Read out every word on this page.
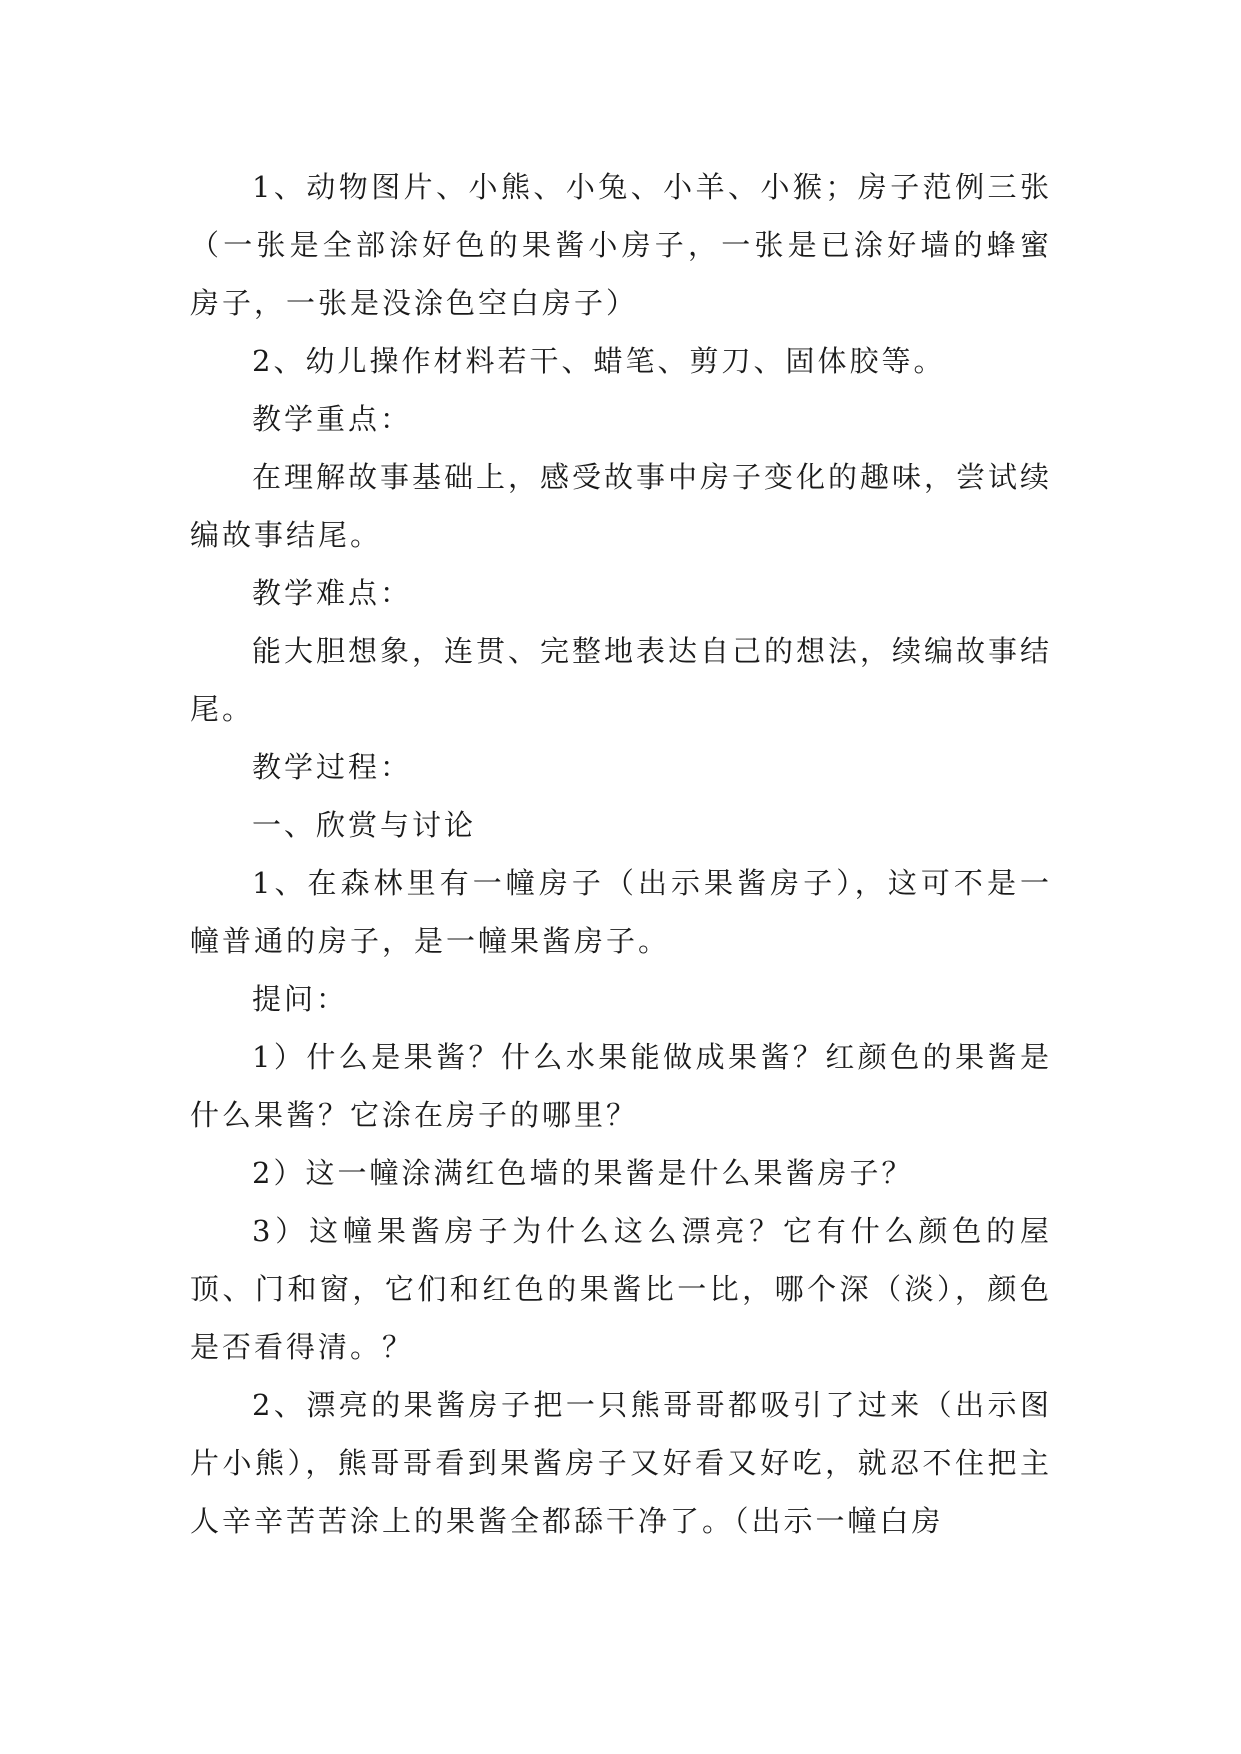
1、动物图片、小熊、小兔、小羊、小猴；房子范例三张（一张是全部涂好色的果酱小房子，一张是已涂好墙的蜂蜜房子，一张是没涂色空白房子）

2、幼儿操作材料若干、蜡笔、剪刀、固体胶等。

教学重点：

在理解故事基础上，感受故事中房子变化的趣味，尝试续编故事结尾。

教学难点：

能大胆想象，连贯、完整地表达自己的想法，续编故事结尾。

教学过程：

一、欣赏与讨论

1、在森林里有一幢房子（出示果酱房子），这可不是一幢普通的房子，是一幢果酱房子。

提问：

1）什么是果酱？什么水果能做成果酱？红颜色的果酱是什么果酱？它涂在房子的哪里？

2）这一幢涂满红色墙的果酱是什么果酱房子？

3）这幢果酱房子为什么这么漂亮？它有什么颜色的屋顶、门和窗，它们和红色的果酱比一比，哪个深（淡），颜色是否看得清。？

2、漂亮的果酱房子把一只熊哥哥都吸引了过来（出示图片小熊），熊哥哥看到果酱房子又好看又好吃，就忍不住把主人辛辛苦苦涂上的果酱全都舔干净了。（出示一幢白房
